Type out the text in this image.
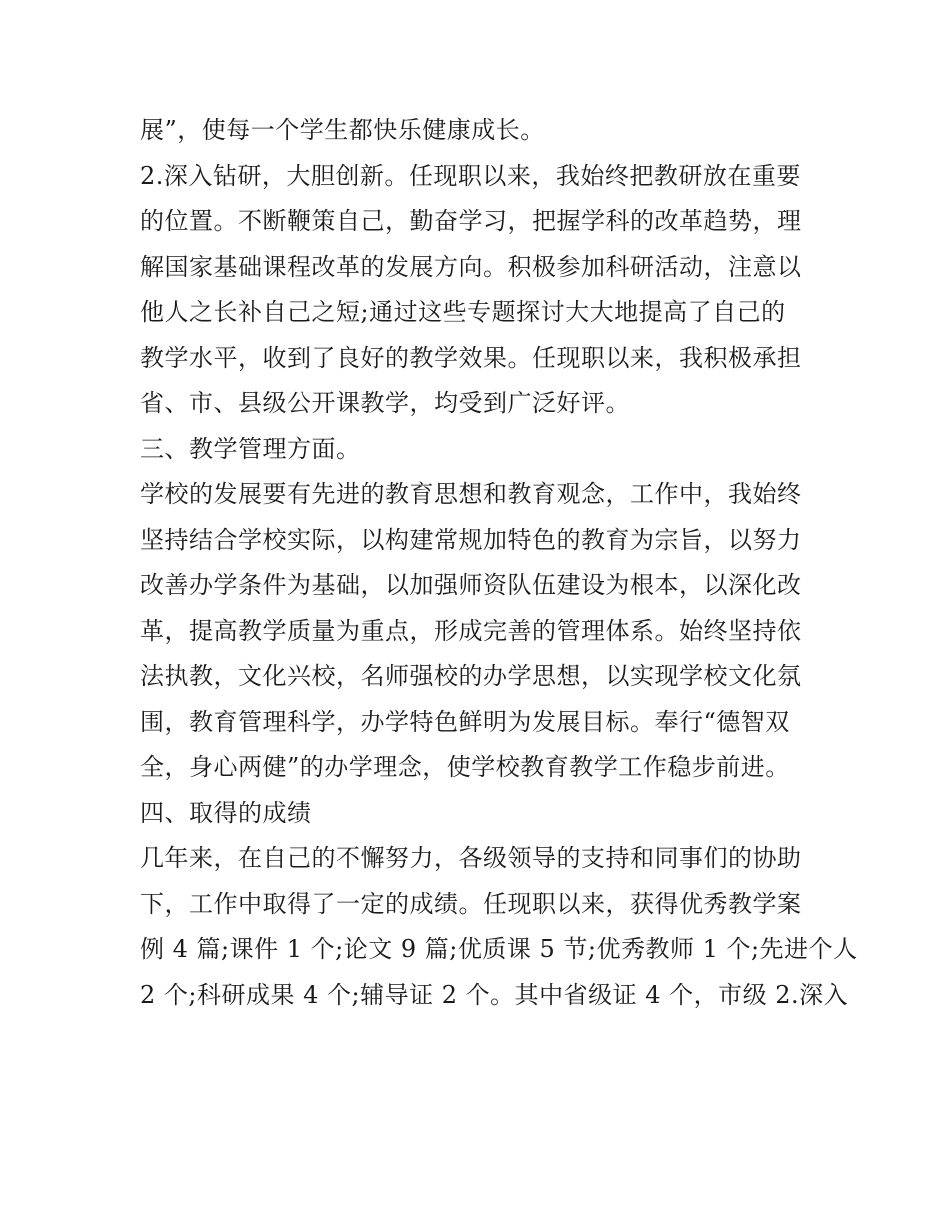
展”，使每一个学生都快乐健康成长。
2.深入钻研，大胆创新。任现职以来，我始终把教研放在重要
的位置。不断鞭策自己，勤奋学习，把握学科的改革趋势，理
解国家基础课程改革的发展方向。积极参加科研活动，注意以
他人之长补自己之短;通过这些专题探讨大大地提高了自己的
教学水平，收到了良好的教学效果。任现职以来，我积极承担
省、市、县级公开课教学，均受到广泛好评。
三、教学管理方面。
学校的发展要有先进的教育思想和教育观念，工作中，我始终
坚持结合学校实际，以构建常规加特色的教育为宗旨，以努力
改善办学条件为基础，以加强师资队伍建设为根本，以深化改
革，提高教学质量为重点，形成完善的管理体系。始终坚持依
法执教，文化兴校，名师强校的办学思想，以实现学校文化氛
围，教育管理科学，办学特色鲜明为发展目标。奉行“德智双
全，身心两健”的办学理念，使学校教育教学工作稳步前进。
四、取得的成绩
几年来，在自己的不懈努力，各级领导的支持和同事们的协助
下，工作中取得了一定的成绩。任现职以来，获得优秀教学案
例 4 篇;课件 1 个;论文 9 篇;优质课 5 节;优秀教师 1 个;先进个人
2 个;科研成果 4 个;辅导证 2 个。其中省级证 4 个，市级 2.深入
